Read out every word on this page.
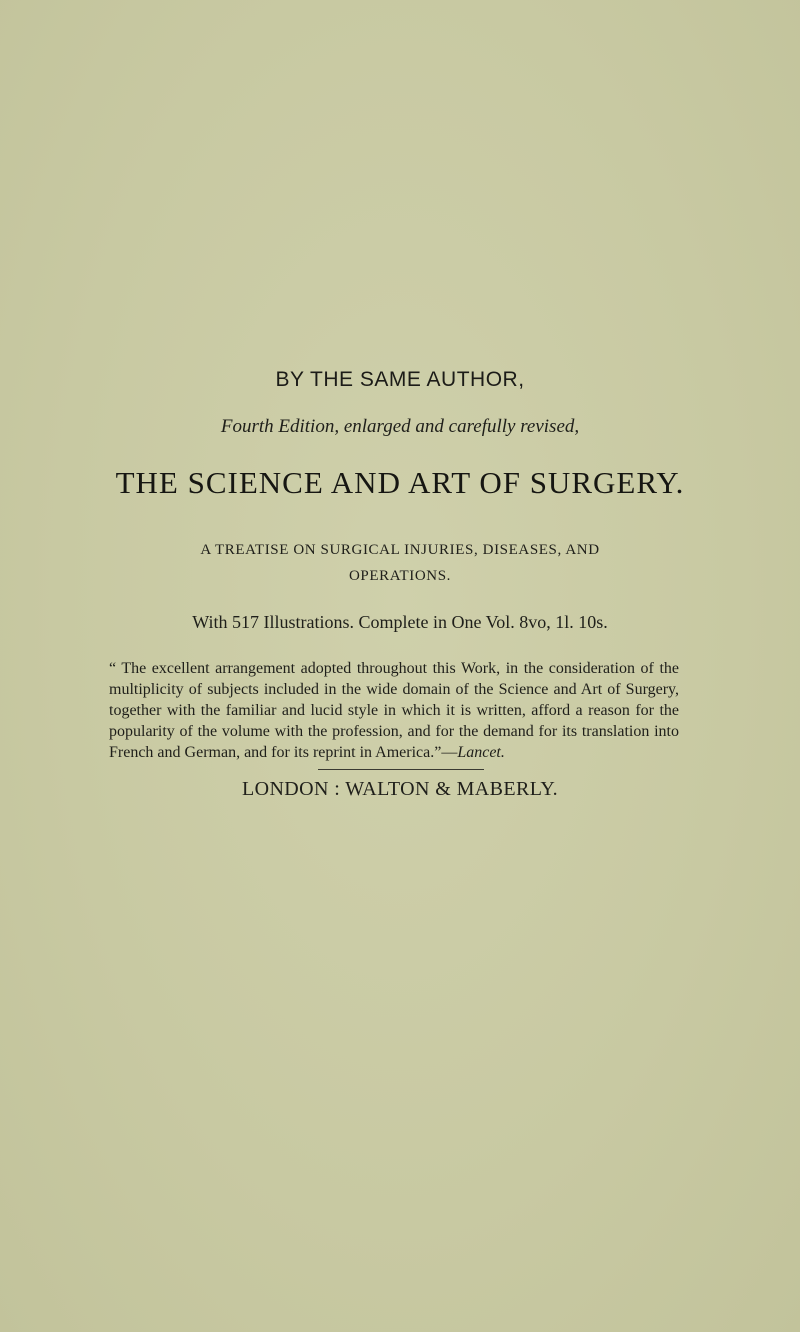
BY THE SAME AUTHOR,
Fourth Edition, enlarged and carefully revised,
THE SCIENCE AND ART OF SURGERY.
A TREATISE ON SURGICAL INJURIES, DISEASES, AND
OPERATIONS.
With 517 Illustrations. Complete in One Vol. 8vo, 1l. 10s.
“ The excellent arrangement adopted throughout this Work, in the consideration of the multiplicity of subjects included in the wide domain of the Science and Art of Surgery, together with the familiar and lucid style in which it is written, afford a reason for the popularity of the volume with the profession, and for the demand for its translation into French and German, and for its reprint in America.”—Lancet.
LONDON : WALTON & MABERLY.
